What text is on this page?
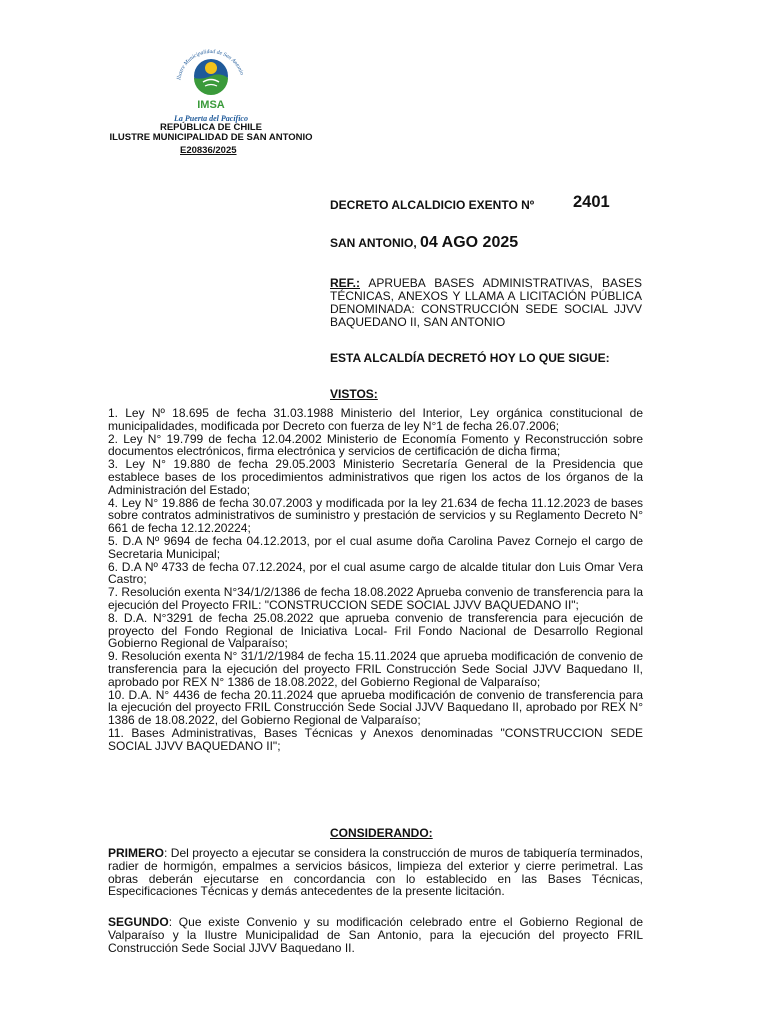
Ilustre Municipalidad de San Antonio
IMSA
La Puerta del Pacífico
REPÚBLICA DE CHILE
ILUSTRE MUNICIPALIDAD DE SAN ANTONIO
E20836/2025
DECRETO ALCALDICIO EXENTO Nº	2401
SAN ANTONIO, 04 AGO 2025
REF.: APRUEBA BASES ADMINISTRATIVAS, BASES TÉCNICAS, ANEXOS Y LLAMA A LICITACIÓN PÚBLICA DENOMINADA: CONSTRUCCIÓN SEDE SOCIAL JJVV BAQUEDANO II, SAN ANTONIO
ESTA ALCALDÍA DECRETÓ HOY LO QUE SIGUE:
VISTOS:

1. Ley Nº 18.695 de fecha 31.03.1988 Ministerio del Interior, Ley orgánica constitucional de municipalidades, modificada por Decreto con fuerza de ley N°1 de fecha 26.07.2006;

2. Ley N° 19.799 de fecha 12.04.2002 Ministerio de Economía Fomento y Reconstrucción sobre documentos electrónicos, firma electrónica y servicios de certificación de dicha firma;

3. Ley N° 19.880 de fecha 29.05.2003 Ministerio Secretaría General de la Presidencia que establece bases de los procedimientos administrativos que rigen los actos de los órganos de la Administración del Estado;

4. Ley N° 19.886 de fecha 30.07.2003 y modificada por la ley 21.634 de fecha 11.12.2023 de bases sobre contratos administrativos de suministro y prestación de servicios y su Reglamento Decreto N° 661 de fecha 12.12.20224;

5. D.A Nº 9694 de fecha 04.12.2013, por el cual asume doña Carolina Pavez Cornejo el cargo de Secretaria Municipal;

6. D.A Nº 4733 de fecha 07.12.2024, por el cual asume cargo de alcalde titular don Luis Omar Vera Castro;

7. Resolución exenta N°34/1/2/1386 de fecha 18.08.2022 Aprueba convenio de transferencia para la ejecución del Proyecto FRIL: "CONSTRUCCION SEDE SOCIAL JJVV BAQUEDANO II";

8. D.A. N°3291 de fecha 25.08.2022 que aprueba convenio de transferencia para ejecución de proyecto del Fondo Regional de Iniciativa Local- Fril Fondo Nacional de Desarrollo Regional Gobierno Regional de Valparaíso;

9. Resolución exenta N° 31/1/2/1984 de fecha 15.11.2024 que aprueba modificación de convenio de transferencia para la ejecución del proyecto FRIL Construcción Sede Social JJVV Baquedano II, aprobado por REX N° 1386 de 18.08.2022, del Gobierno Regional de Valparaíso;

10. D.A. N° 4436 de fecha 20.11.2024 que aprueba modificación de convenio de transferencia para la ejecución del proyecto FRIL Construcción Sede Social JJVV Baquedano II, aprobado por REX N° 1386 de 18.08.2022, del Gobierno Regional de Valparaíso;

11. Bases Administrativas, Bases Técnicas y Anexos denominadas "CONSTRUCCION SEDE SOCIAL JJVV BAQUEDANO II";

CONSIDERANDO:

PRIMERO: Del proyecto a ejecutar se considera la construcción de muros de tabiquería terminados, radier de hormigón, empalmes a servicios básicos, limpieza del exterior y cierre perimetral. Las obras deberán ejecutarse en concordancia con lo establecido en las Bases Técnicas, Especificaciones Técnicas y demás antecedentes de la presente licitación.

SEGUNDO: Que existe Convenio y su modificación celebrado entre el Gobierno Regional de Valparaíso y la Ilustre Municipalidad de San Antonio, para la ejecución del proyecto FRIL Construcción Sede Social JJVV Baquedano II.
